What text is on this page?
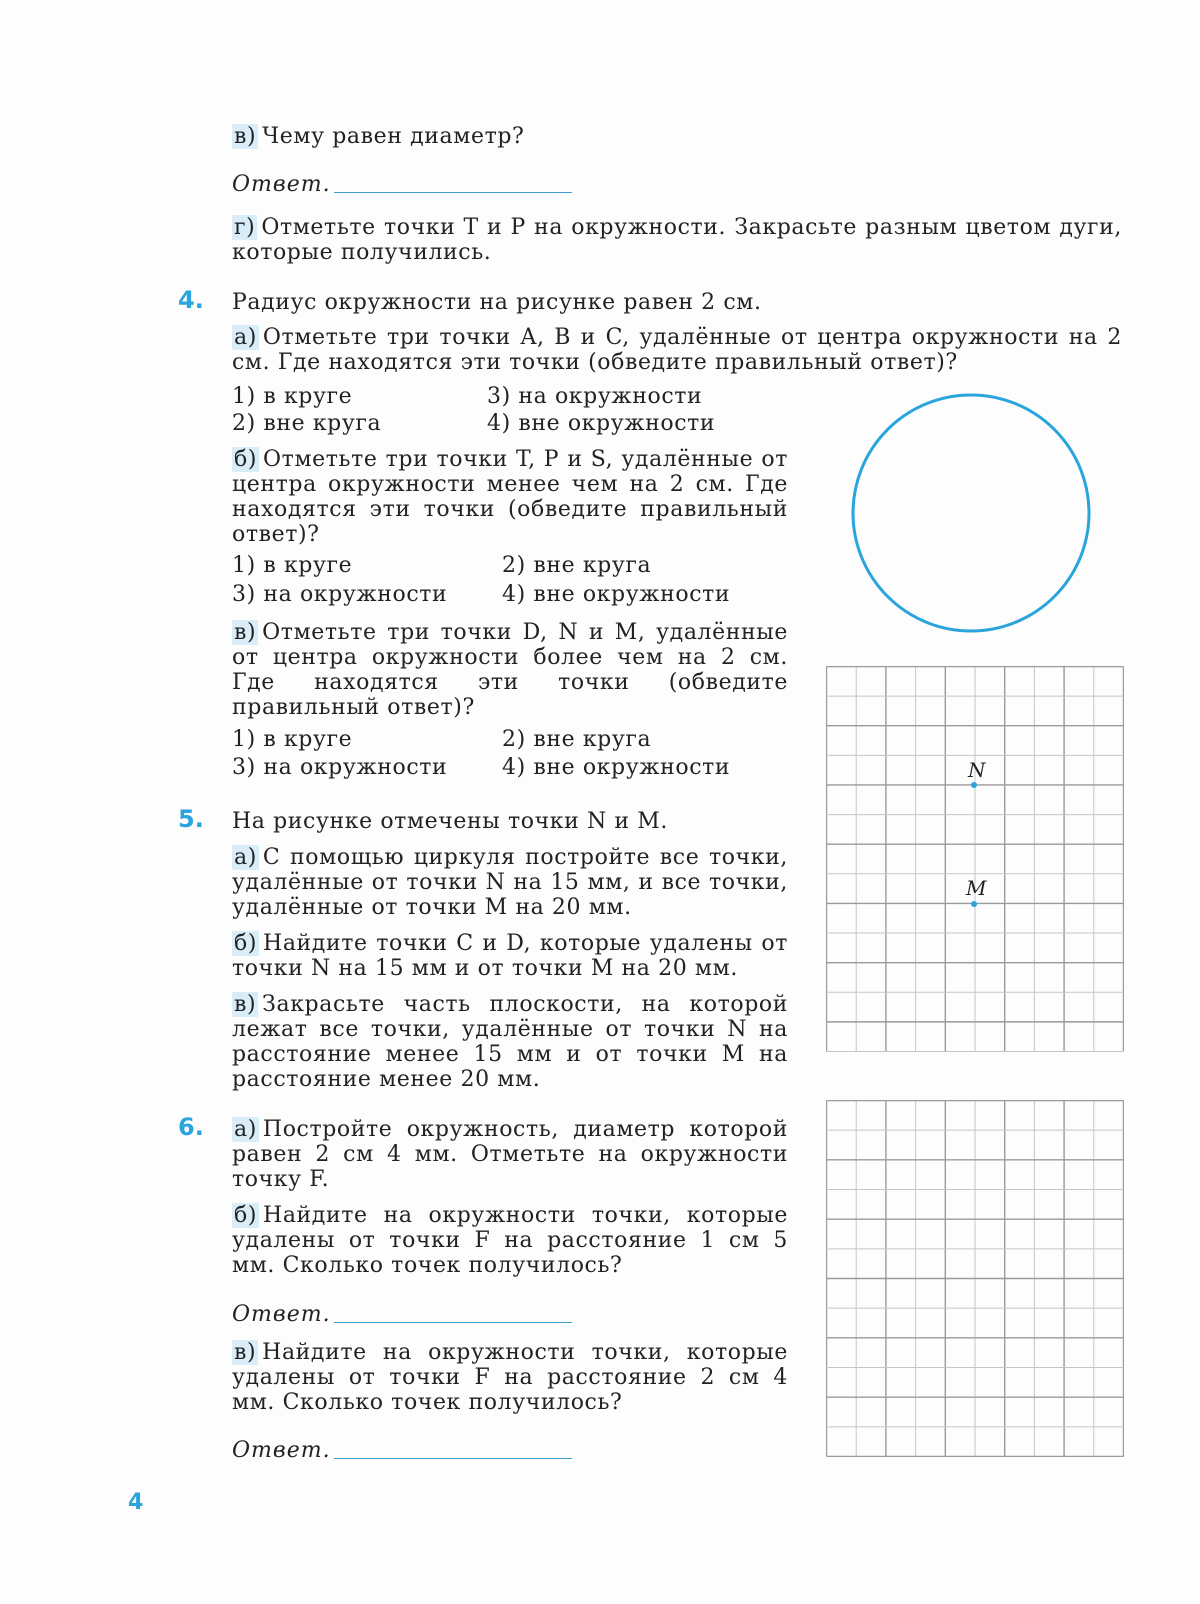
в) Чему равен диаметр?

Ответ.

г) Отметьте точки T и P на окружности. Закрасьте разным цветом дуги, которые получились.

4. Радиус окружности на рисунке равен 2 см.

а) Отметьте три точки A, B и C, удалённые от центра окружности на 2 см. Где находятся эти точки (обведите правильный ответ)?

1) в круге	3) на окружности
2) вне круга	4) вне окружности

б) Отметьте три точки T, P и S, удалённые от центра окружности менее чем на 2 см. Где находятся эти точки (обведите правильный ответ)?

1) в круге	2) вне круга
3) на окружности 4) вне окружности

в) Отметьте три точки D, N и M, удалённые от центра окружности более чем на 2 см. Где находятся эти точки (обведите правильный ответ)?

1) в круге	2) вне круга
3) на окружности 4) вне окружности
5. На рисунке отмечены точки N и M.

а) С помощью циркуля постройте все точки, удалённые от точки N на 15 мм, и все точки, удалённые от точки M на 20 мм.

б) Найдите точки C и D, которые удалены от точки N на 15 мм и от точки M на 20 мм.

в) Закрасьте часть плоскости, на которой лежат все точки, удалённые от точки N на расстояние менее 15 мм и от точки M на расстояние менее 20 мм.

N
M
6. а) Постройте окружность, диаметр которой равен 2 см 4 мм. Отметьте на окружности точку F.

б) Найдите на окружности точки, которые удалены от точки F на расстояние 1 см 5 мм. Сколько точек получилось?

Ответ.

в) Найдите на окружности точки, которые удалены от точки F на расстояние 2 см 4 мм. Сколько точек получилось?

Ответ.
4
